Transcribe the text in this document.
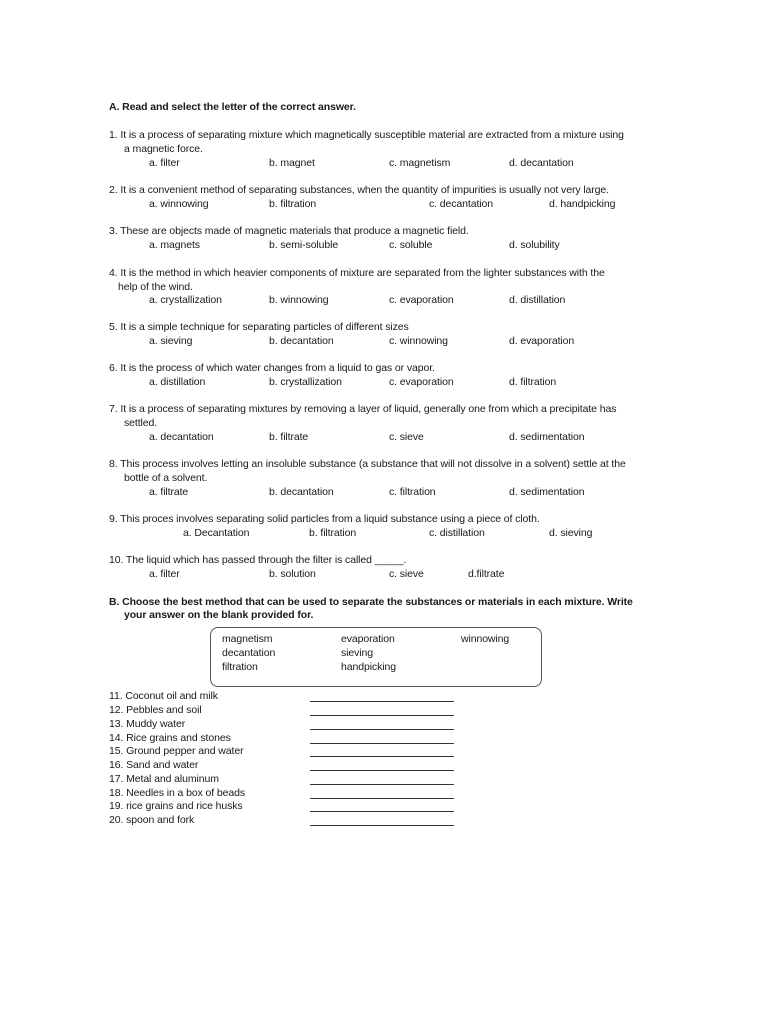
A. Read and select the letter of the correct answer.
1. It is a process of separating mixture which magnetically susceptible material are extracted from a mixture using
a magnetic force.
a. filter	b. magnet	c. magnetism	d. decantation
2. It is a convenient method of separating substances, when the quantity of impurities is usually not very large.
a. winnowing	b. filtration	c. decantation	d. handpicking
3. These are objects made of magnetic materials that produce a magnetic field.
a. magnets	b. semi-soluble	c. soluble	d. solubility
4. It is the method in which heavier components of mixture are separated from the lighter substances with the
help of the wind.
a. crystallization	b. winnowing	c. evaporation	d. distillation
5. It is a simple technique for separating particles of different sizes
a. sieving	b. decantation	c. winnowing	d. evaporation
6. It is the process of which water changes from a liquid to gas or vapor.
a. distillation	b. crystallization	c. evaporation	d. filtration
7. It is a process of separating mixtures by removing a layer of liquid, generally one from which a precipitate has
settled.
a. decantation	b. filtrate	c. sieve	d. sedimentation
8. This process involves letting an insoluble substance (a substance that will not dissolve in a solvent) settle at the
bottle of a solvent.
a. filtrate	b. decantation	c. filtration	d. sedimentation
9. This proces involves separating solid particles from a liquid substance using a piece of cloth.
a. Decantation	b. filtration	c. distillation	d. sieving
10. The liquid which has passed through the filter is called _____.
a. filter	b. solution	c. sieve	d.filtrate
B. Choose the best method that can be used to separate the substances or materials in each mixture. Write
your answer on the blank provided for.
magnetism
decantation
filtration
evaporation
sieving
handpicking
winnowing
11. Coconut oil and milk
12. Pebbles and soil
13. Muddy water
14. Rice grains and stones
15. Ground pepper and water
16. Sand and water
17. Metal and aluminum
18. Needles in a box of beads
19. rice grains and rice husks
20. spoon and fork
